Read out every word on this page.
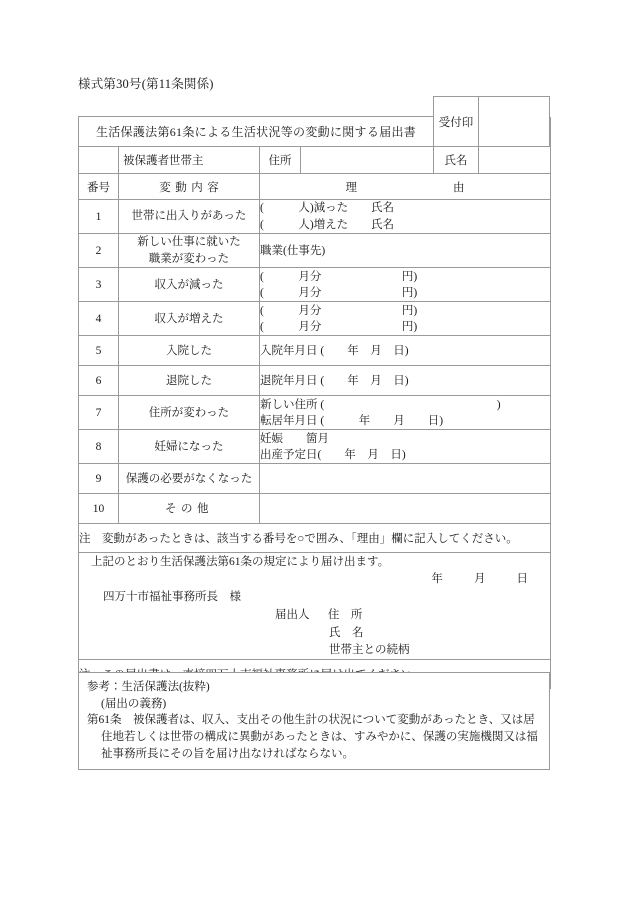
様式第30号(第11条関係)
受付印
生活保護法第61条による生活状況等の変動に関する届出書				
	被保護者世帯主	住所	氏名	
番号	変動内容	理 由		

1	世帯に出入りがあった	(　　　人)減った　　氏名
(　　　人)増えた　　氏名		

2	新しい仕事に就いた
職業が変わった	職業(仕事先)		

3	収入が減った	(　　　月分　　　　　　　円)
(　　　月分　　　　　　　円)		

4	収入が増えた	(　　　月分　　　　　　　円)
(　　　月分　　　　　　　円)		

5	入院した	入院年月日 (　　年　月　日)		
6	退院した	退院年月日 (　　年　月　日)		
7	住所が変わった	新しい住所 (　　　　　　　　　　　　　　　)
転居年月日 (　　　年　　月　　日)		

8	妊婦になった	妊娠　　箇月
出産予定日(　　年　月　日)		

9	保護の必要がなくなった			
10	その他			
注　変動があったときは、該当する番号を○で囲み、「理由」欄に記入してください。				

上記のとおり生活保護法第61条の規定により届け出ます。
年	月	日
四万十市福祉事務所長　様
届出人 住　所
氏　名
世帯主との続柄

参考：生活保護法(抜粋)
(届出の義務)
第61条　被保護者は、収入、支出その他生計の状況について変動があったとき、又は居
住地若しくは世帯の構成に異動があったときは、すみやかに、保護の実施機関又は福
祉事務所長にその旨を届け出なければならない。
